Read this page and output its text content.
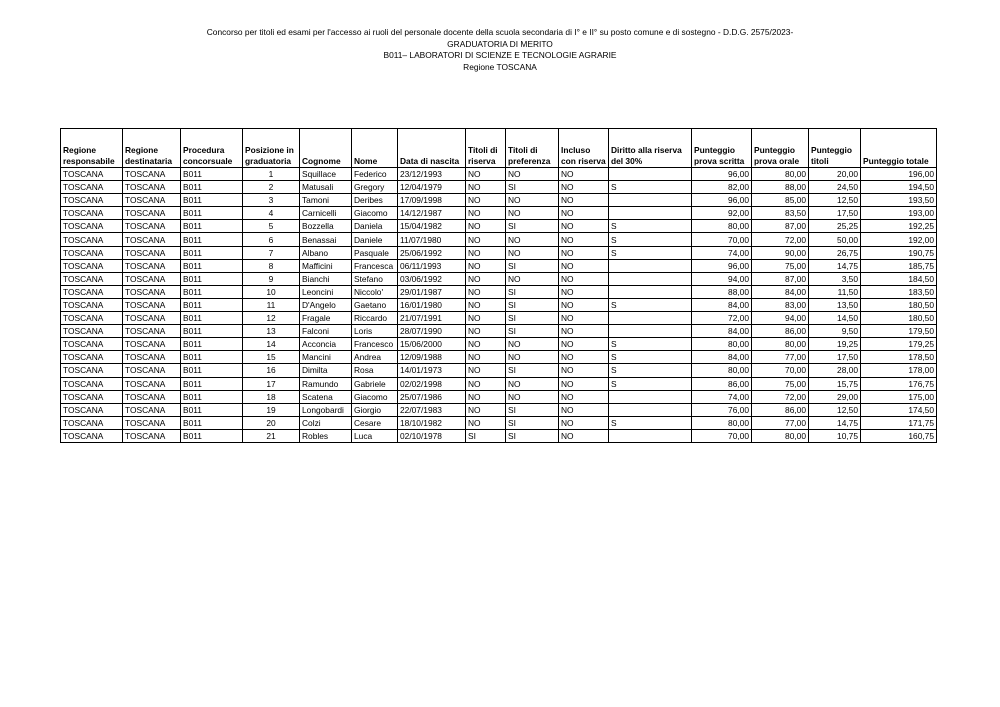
Concorso per titoli ed esami per l'accesso ai ruoli del personale docente della scuola secondaria di I° e II° su posto comune e di sostegno - D.D.G. 2575/2023-
GRADUATORIA DI MERITO
B011– LABORATORI DI SCIENZE E TECNOLOGIE AGRARIE
Regione TOSCANA
Regione responsabile	Regione destinataria	Procedura concorsuale	Posizione in graduatoria	Cognome	Nome	Data di nascita	Titoli di riserva	Titoli di preferenza	Incluso con riserva	Diritto alla riserva del 30%	Punteggio prova scritta	Punteggio prova orale	Punteggio titoli	Punteggio totale
TOSCANA	TOSCANA	B011	1	Squillace	Federico	23/12/1993	NO	NO	NO		96,00	80,00	20,00	196,00
TOSCANA	TOSCANA	B011	2	Matusali	Gregory	12/04/1979	NO	SI	NO	S	82,00	88,00	24,50	194,50
TOSCANA	TOSCANA	B011	3	Tamoni	Deribes	17/09/1998	NO	NO	NO		96,00	85,00	12,50	193,50
TOSCANA	TOSCANA	B011	4	Carnicelli	Giacomo	14/12/1987	NO	NO	NO		92,00	83,50	17,50	193,00
TOSCANA	TOSCANA	B011	5	Bozzella	Daniela	15/04/1982	NO	SI	NO	S	80,00	87,00	25,25	192,25
TOSCANA	TOSCANA	B011	6	Benassai	Daniele	11/07/1980	NO	NO	NO	S	70,00	72,00	50,00	192,00
TOSCANA	TOSCANA	B011	7	Albano	Pasquale	25/06/1992	NO	NO	NO	S	74,00	90,00	26,75	190,75
TOSCANA	TOSCANA	B011	8	Mafficini	Francesca	06/11/1993	NO	SI	NO		96,00	75,00	14,75	185,75
TOSCANA	TOSCANA	B011	9	Bianchi	Stefano	03/06/1992	NO	NO	NO		94,00	87,00	3,50	184,50
TOSCANA	TOSCANA	B011	10	Leoncini	Niccolo'	29/01/1987	NO	SI	NO		88,00	84,00	11,50	183,50
TOSCANA	TOSCANA	B011	11	D'Angelo	Gaetano	16/01/1980	NO	SI	NO	S	84,00	83,00	13,50	180,50
TOSCANA	TOSCANA	B011	12	Fragale	Riccardo	21/07/1991	NO	SI	NO		72,00	94,00	14,50	180,50
TOSCANA	TOSCANA	B011	13	Falconi	Loris	28/07/1990	NO	SI	NO		84,00	86,00	9,50	179,50
TOSCANA	TOSCANA	B011	14	Acconcia	Francesco	15/06/2000	NO	NO	NO	S	80,00	80,00	19,25	179,25
TOSCANA	TOSCANA	B011	15	Mancini	Andrea	12/09/1988	NO	NO	NO	S	84,00	77,00	17,50	178,50
TOSCANA	TOSCANA	B011	16	Dimilta	Rosa	14/01/1973	NO	SI	NO	S	80,00	70,00	28,00	178,00
TOSCANA	TOSCANA	B011	17	Ramundo	Gabriele	02/02/1998	NO	NO	NO	S	86,00	75,00	15,75	176,75
TOSCANA	TOSCANA	B011	18	Scatena	Giacomo	25/07/1986	NO	NO	NO		74,00	72,00	29,00	175,00
TOSCANA	TOSCANA	B011	19	Longobardi	Giorgio	22/07/1983	NO	SI	NO		76,00	86,00	12,50	174,50
TOSCANA	TOSCANA	B011	20	Colzi	Cesare	18/10/1982	NO	SI	NO	S	80,00	77,00	14,75	171,75
TOSCANA	TOSCANA	B011	21	Robles	Luca	02/10/1978	SI	SI	NO		70,00	80,00	10,75	160,75
